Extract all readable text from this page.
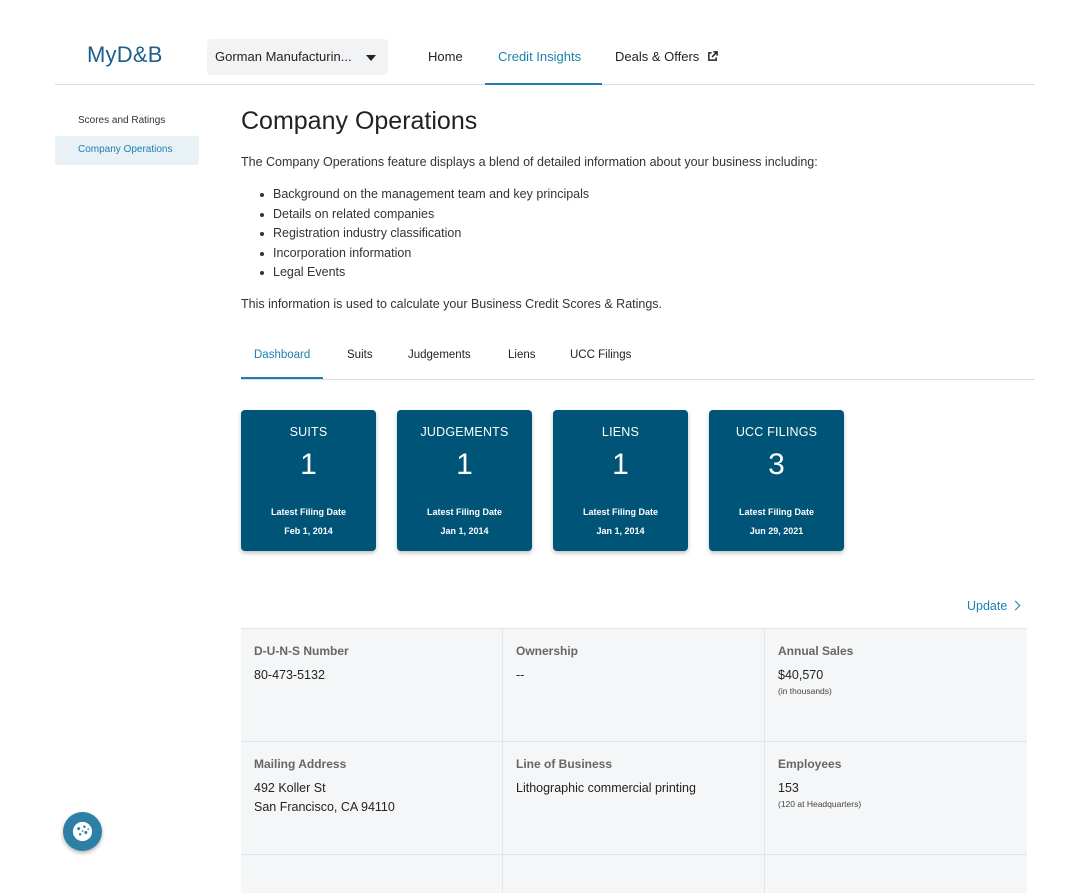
MyD&B	Gorman Manufacturin...	Home	Credit Insights	Deals & Offers
Scores and Ratings
Company Operations
Company Operations

The Company Operations feature displays a blend of detailed information about your business including:

Background on the management team and key principals
Details on related companies
Registration industry classification
Incorporation information
Legal Events

This information is used to calculate your Business Credit Scores & Ratings.

Dashboard	Suits	Judgements	Liens	UCC Filings
SUITS
1
Latest Filing Date
Feb 1, 2014
JUDGEMENTS
1
Latest Filing Date
Jan 1, 2014
LIENS
1
Latest Filing Date
Jan 1, 2014
UCC FILINGS
3
Latest Filing Date
Jun 29, 2021
Update
D-U-N-S Number
80-473-5132
Ownership
--
Annual Sales
$40,570
(in thousands)
Mailing Address
492 Koller St
San Francisco, CA 94110
Line of Business
Lithographic commercial printing
Employees
153
(120 at Headquarters)
